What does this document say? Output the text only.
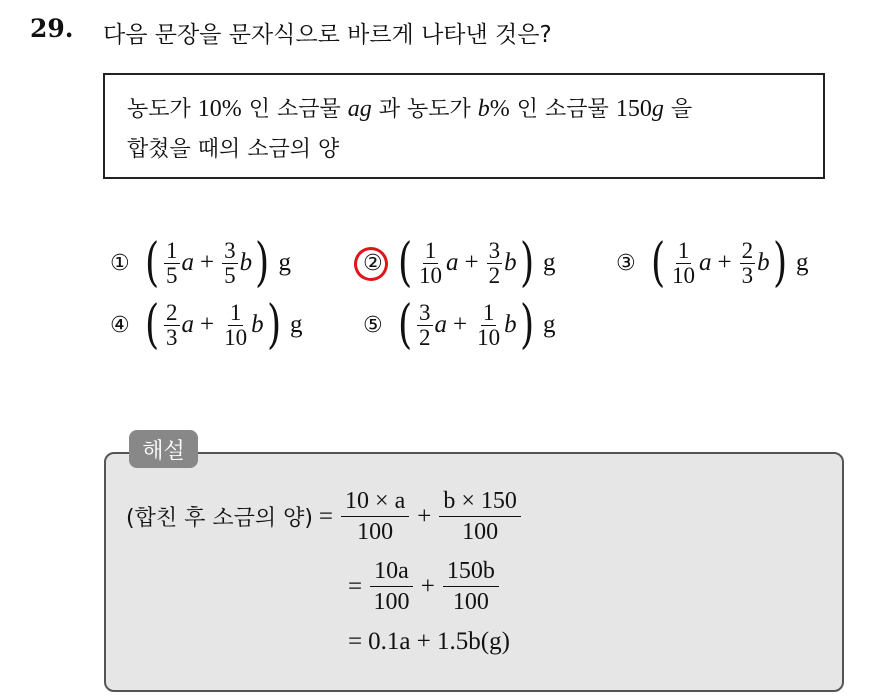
29. 다음 문장을 문자식으로 바르게 나타낸 것은?
농도가 10% 인 소금물 ag 과 농도가 b% 인 소금물 150g 을
합쳤을 때의 소금의 양
① ( $\frac{1}{5}$ $a + \frac{3}{5}$ b ) g	② ( $\frac{1}{10}$ $a + \frac{3}{2}$ b ) g	③ ( $\frac{1}{10}$ $a + \frac{2}{3}$ b ) g
④ ( $\frac{2}{3}$ $a + \frac{1}{10}$ b ) g	⑤ ( $\frac{3}{2}$ $a + \frac{1}{10}$ b ) g
해설
(합친 후 소금의 양) = $\frac{10 \times a}{100} + \frac{b \times 150}{100}$
= $\frac{10a}{100} + \frac{150b}{100}$
= 0.1a + 1.5b(g)
